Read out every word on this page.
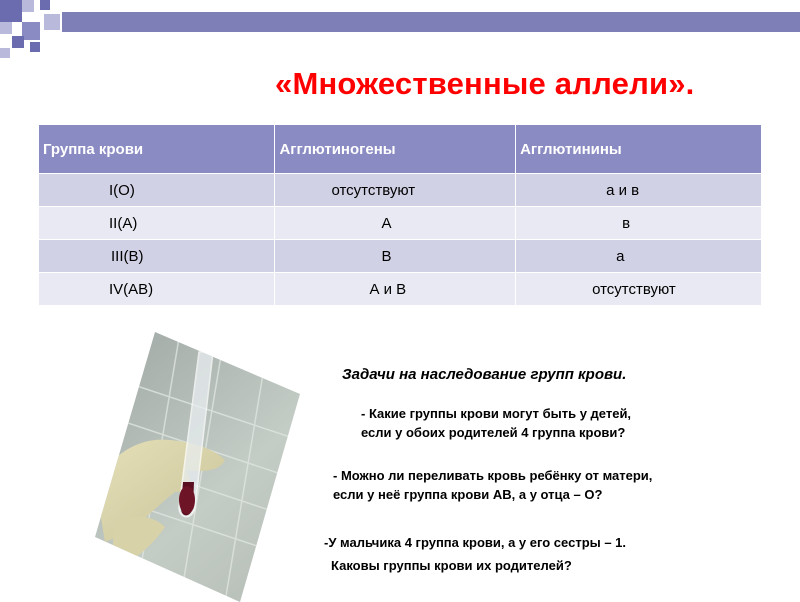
«Множественные аллели».
Группа крови	Агглютиногены	Агглютинины

I(O)	отсутствуют	а и в

II(A)	А	в

III(B)	В	а

IV(AB)	А и В	отсутствуют
Задачи на наследование групп крови.
- Какие группы крови могут быть у детей,
если у обоих родителей 4 группа крови?
- Можно ли переливать кровь ребёнку от матери,
если у неё группа крови АВ, а у отца – О?
-У мальчика 4 группа крови, а у его сестры – 1.
Каковы группы крови их родителей?
